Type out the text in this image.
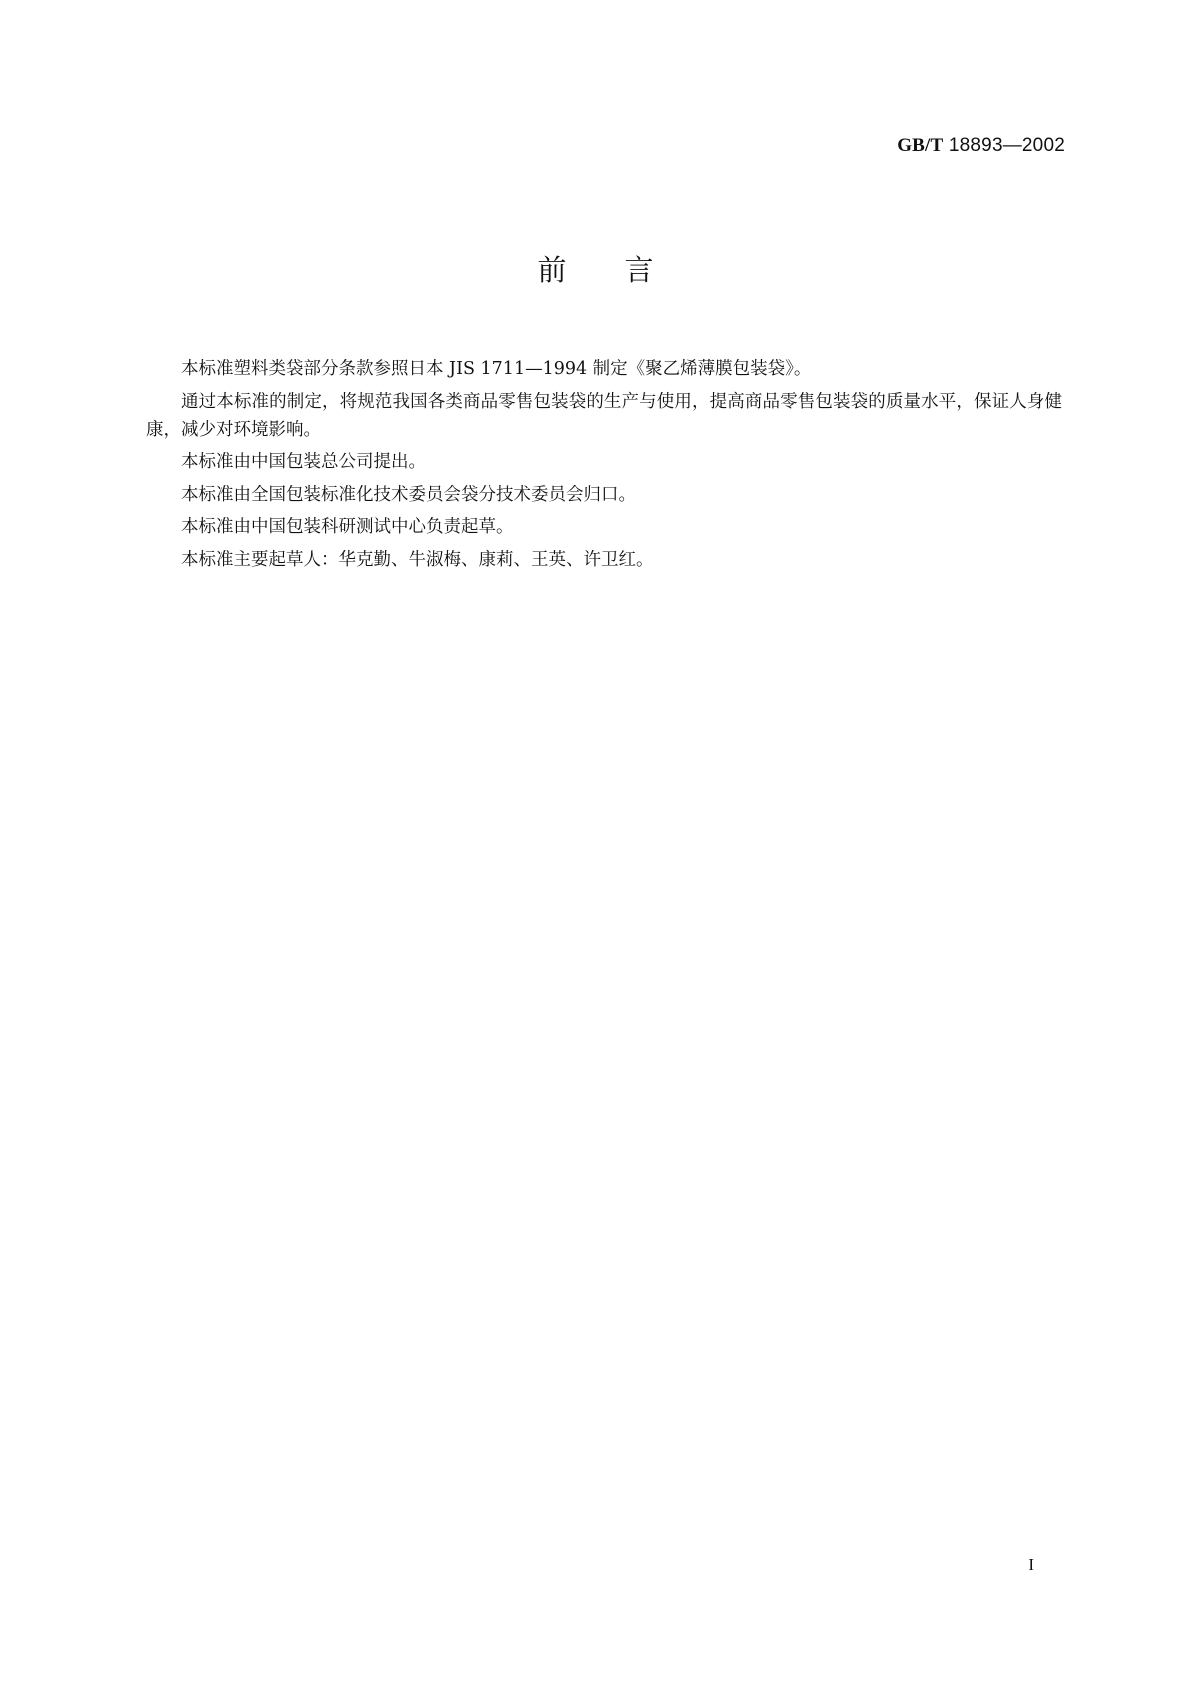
GB/T 18893—2002
前言

本标准塑料类袋部分条款参照日本 JIS 1711—1994 制定《聚乙烯薄膜包装袋》。

通过本标准的制定，将规范我国各类商品零售包装袋的生产与使用，提高商品零售包装袋的质量水平，保证人身健康，减少对环境影响。

本标准由中国包装总公司提出。

本标准由全国包装标准化技术委员会袋分技术委员会归口。

本标准由中国包装科研测试中心负责起草。

本标准主要起草人：华克勤、牛淑梅、康莉、王英、许卫红。

I
